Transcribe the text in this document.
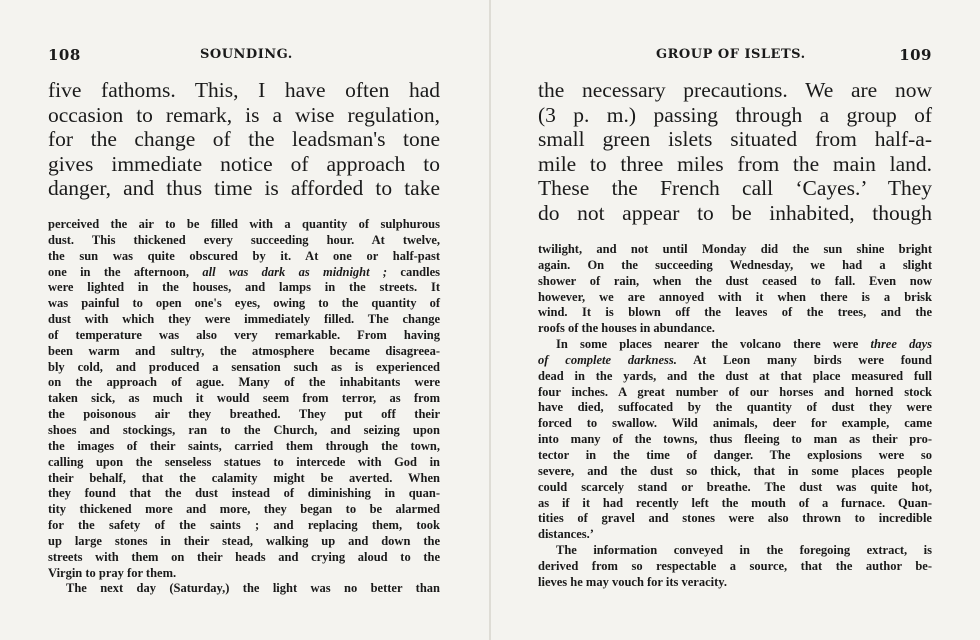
108	SOUNDING.
five fathoms. This, I have often had
occasion to remark, is a wise regulation,
for the change of the leadsman's tone
gives immediate notice of approach to
danger, and thus time is afforded to take
perceived the air to be filled with a quantity of sulphurous
dust. This thickened every succeeding hour. At twelve,
the sun was quite obscured by it. At one or half-past
one in the afternoon, all was dark as midnight ; candles
were lighted in the houses, and lamps in the streets. It
was painful to open one's eyes, owing to the quantity of
dust with which they were immediately filled. The change
of temperature was also very remarkable. From having
been warm and sultry, the atmosphere became disagreea-
bly cold, and produced a sensation such as is experienced
on the approach of ague. Many of the inhabitants were
taken sick, as much it would seem from terror, as from
the poisonous air they breathed. They put off their
shoes and stockings, ran to the Church, and seizing upon
the images of their saints, carried them through the town,
calling upon the senseless statues to intercede with God in
their behalf, that the calamity might be averted. When
they found that the dust instead of diminishing in quan-
tity thickened more and more, they began to be alarmed
for the safety of the saints ; and replacing them, took
up large stones in their stead, walking up and down the
streets with them on their heads and crying aloud to the
Virgin to pray for them.
The next day (Saturday,) the light was no better than
GROUP OF ISLETS.	109
the necessary precautions. We are now
(3 p. m.) passing through a group of
small green islets situated from half-a-
mile to three miles from the main land.
These the French call ‘Cayes.’ They
do not appear to be inhabited, though
twilight, and not until Monday did the sun shine bright
again. On the succeeding Wednesday, we had a slight
shower of rain, when the dust ceased to fall. Even now
however, we are annoyed with it when there is a brisk
wind. It is blown off the leaves of the trees, and the
roofs of the houses in abundance.
In some places nearer the volcano there were three days
of complete darkness. At Leon many birds were found
dead in the yards, and the dust at that place measured full
four inches. A great number of our horses and horned stock
have died, suffocated by the quantity of dust they were
forced to swallow. Wild animals, deer for example, came
into many of the towns, thus fleeing to man as their pro-
tector in the time of danger. The explosions were so
severe, and the dust so thick, that in some places people
could scarcely stand or breathe. The dust was quite hot,
as if it had recently left the mouth of a furnace. Quan-
tities of gravel and stones were also thrown to incredible
distances.’
The information conveyed in the foregoing extract, is
derived from so respectable a source, that the author be-
lieves he may vouch for its veracity.
